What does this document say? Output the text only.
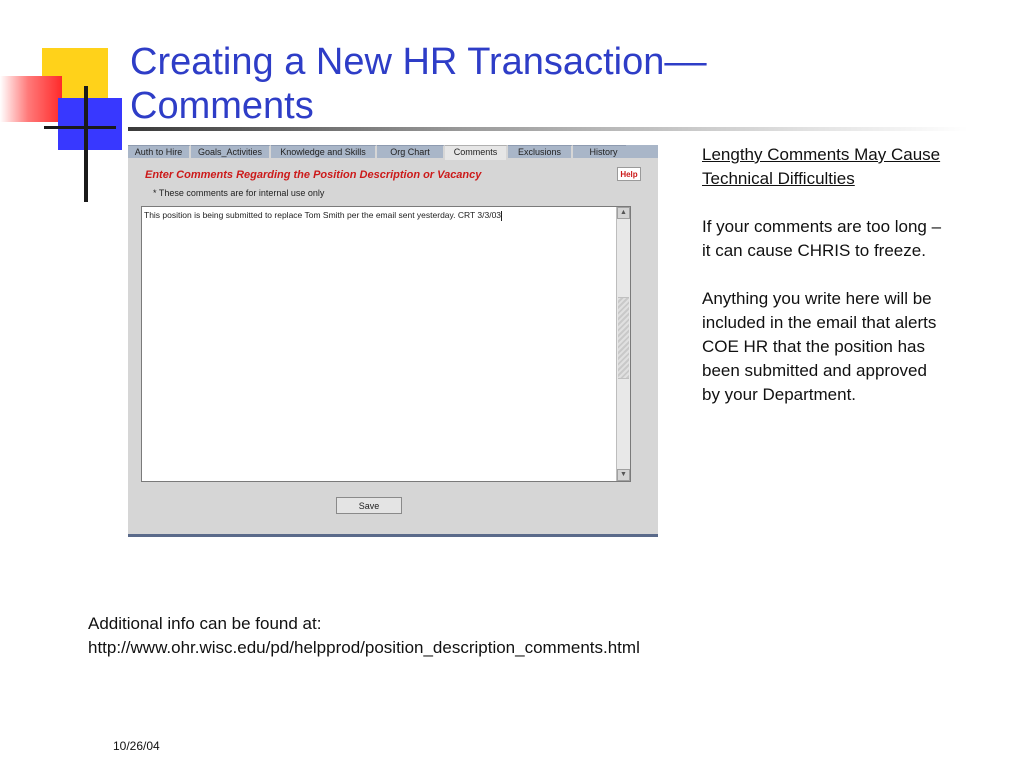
Creating a New HR Transaction––
Comments
Auth to Hire	Goals_Activities	Knowledge and Skills	Org Chart	Comments	Exclusions	History
Enter Comments Regarding the Position Description or Vacancy
* These comments are for internal use only
Help
This position is being submitted to replace Tom Smith per the email sent yesterday. CRT 3/3/03	▲
▼
Save

Lengthy Comments May Cause Technical Difficulties

If your comments are too long – it can cause CHRIS to freeze.

Anything you write here will be included in the email that alerts COE HR that the position has been submitted and approved by your Department.

Additional info can be found at:
http://www.ohr.wisc.edu/pd/helpprod/position_description_comments.html
10/26/04
